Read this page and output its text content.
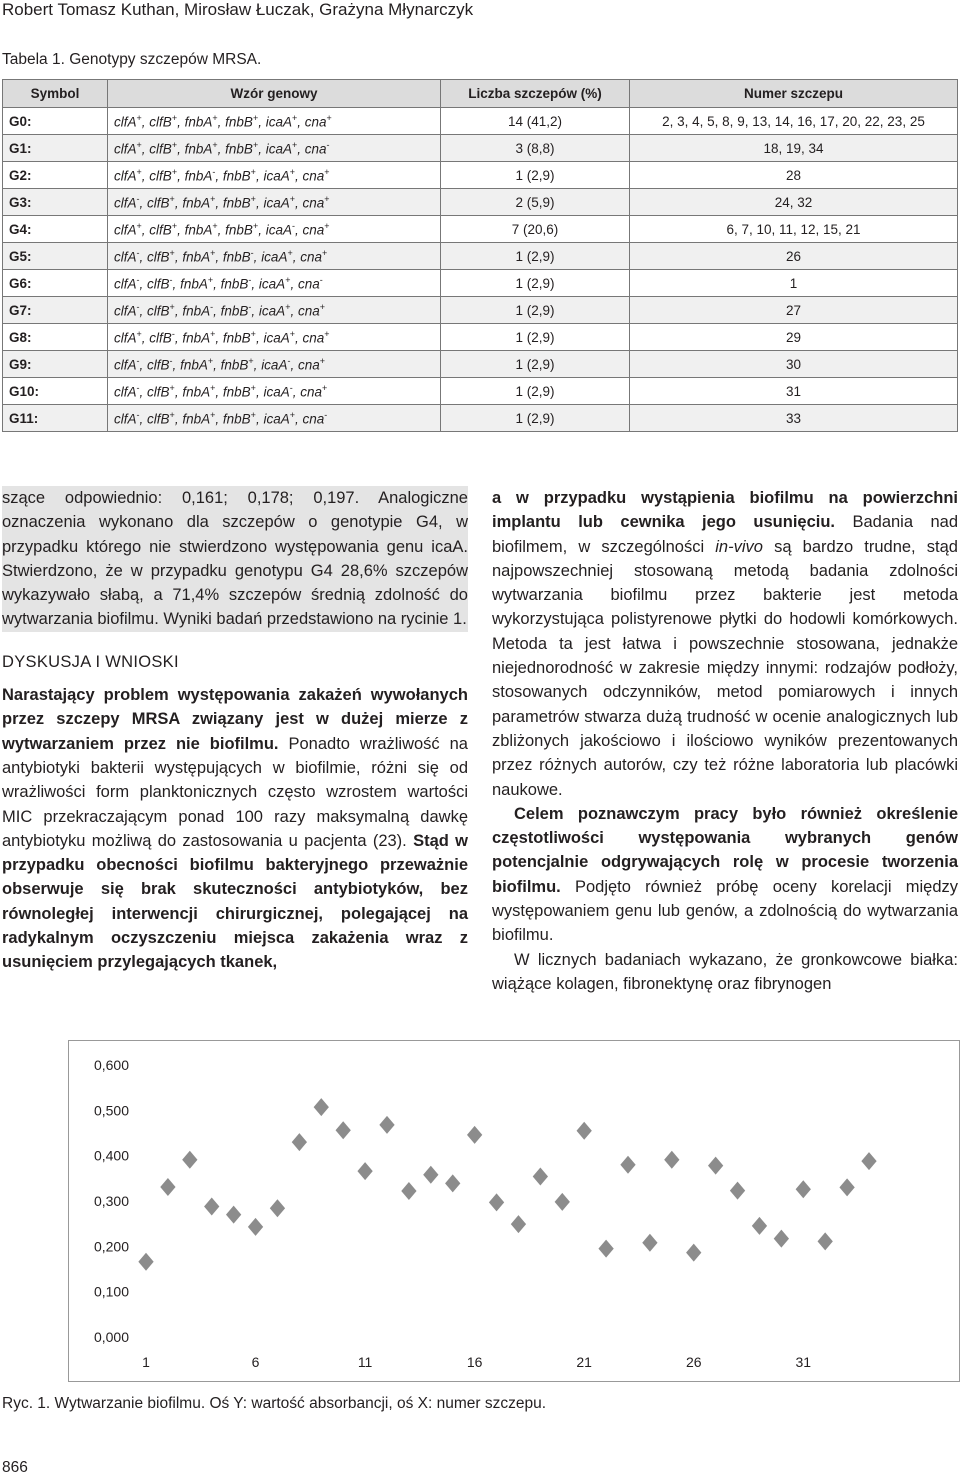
Robert Tomasz Kuthan, Mirosław Łuczak, Grażyna Młynarczyk
Tabela 1. Genotypy szczepów MRSA.
Symbol	Wzór genowy	Liczba szczepów (%)	Numer szczepu
G0:	clfA+, clfB+, fnbA+, fnbB+, icaA+, cna+	14 (41,2)	2, 3, 4, 5, 8, 9, 13, 14, 16, 17, 20, 22, 23, 25
G1:	clfA+, clfB+, fnbA+, fnbB+, icaA+, cna-	3 (8,8)	18, 19, 34
G2:	clfA+, clfB+, fnbA-, fnbB+, icaA+, cna+	1 (2,9)	28
G3:	clfA-, clfB+, fnbA+, fnbB+, icaA+, cna+	2 (5,9)	24, 32
G4:	clfA+, clfB+, fnbA+, fnbB+, icaA-, cna+	7 (20,6)	6, 7, 10, 11, 12, 15, 21
G5:	clfA-, clfB+, fnbA+, fnbB-, icaA+, cna+	1 (2,9)	26
G6:	clfA-, clfB-, fnbA+, fnbB-, icaA+, cna-	1 (2,9)	1
G7:	clfA-, clfB+, fnbA-, fnbB-, icaA+, cna+	1 (2,9)	27
G8:	clfA+, clfB-, fnbA+, fnbB+, icaA+, cna+	1 (2,9)	29
G9:	clfA-, clfB-, fnbA+, fnbB+, icaA-, cna+	1 (2,9)	30
G10:	clfA-, clfB+, fnbA+, fnbB+, icaA-, cna+	1 (2,9)	31
G11:	clfA-, clfB+, fnbA+, fnbB+, icaA+, cna-	1 (2,9)	33

szące odpowiednio: 0,161; 0,178; 0,197. Analogiczne oznaczenia wykonano dla szczepów o genotypie G4, w przypadku którego nie stwierdzono występowania genu icaA. Stwierdzono, że w przypadku genotypu G4 28,6% szczepów wykazywało słabą, a 71,4% szczepów średnią zdolność do wytwarzania biofilmu. Wyniki badań przedstawiono na rycinie 1.

DYSKUSJA I WNIOSKI

Narastający problem występowania zakażeń wywołanych przez szczepy MRSA związany jest w dużej mierze z wytwarzaniem przez nie biofilmu. Ponadto wrażliwość na antybiotyki bakterii występujących w biofilmie, różni się od wrażliwości form planktonicznych często wzrostem wartości MIC przekraczającym ponad 100 razy maksymalną dawkę antybiotyku możliwą do zastosowania u pacjenta (23). Stąd w przypadku obecności biofilmu bakteryjnego przeważnie obserwuje się brak skuteczności antybiotyków, bez równoległej interwencji chirurgicznej, polegającej na radykalnym oczyszczeniu miejsca zakażenia wraz z usunięciem przylegających tkanek,

a w przypadku wystąpienia biofilmu na powierzchni implantu lub cewnika jego usunięciu. Badania nad biofilmem, w szczególności in-vivo są bardzo trudne, stąd najpowszechniej stosowaną metodą badania zdolności wytwarzania biofilmu przez bakterie jest metoda wykorzystująca polistyrenowe płytki do hodowli komórkowych. Metoda ta jest łatwa i powszechnie stosowana, jednakże niejednorodność w zakresie między innymi: rodzajów podłoży, stosowanych odczynników, metod pomiarowych i innych parametrów stwarza dużą trudność w ocenie analogicznych lub zbliżonych jakościowo i ilościowo wyników prezentowanych przez różnych autorów, czy też różne laboratoria lub placówki naukowe.

Celem poznawczym pracy było również określenie częstotliwości występowania wybranych genów potencjalnie odgrywających rolę w procesie tworzenia biofilmu. Podjęto również próbę oceny korelacji między występowaniem genu lub genów, a zdolnością do wytwarzania biofilmu.

W licznych badaniach wykazano, że gronkowcowe białka: wiążące kolagen, fibronektynę oraz fibrynogen

0,000
0,100
0,200
0,300
0,400
0,500
0,600
1	6	11	16	21	26	31
Ryc. 1. Wytwarzanie biofilmu. Oś Y: wartość absorbancji, oś X: numer szczepu.
866
